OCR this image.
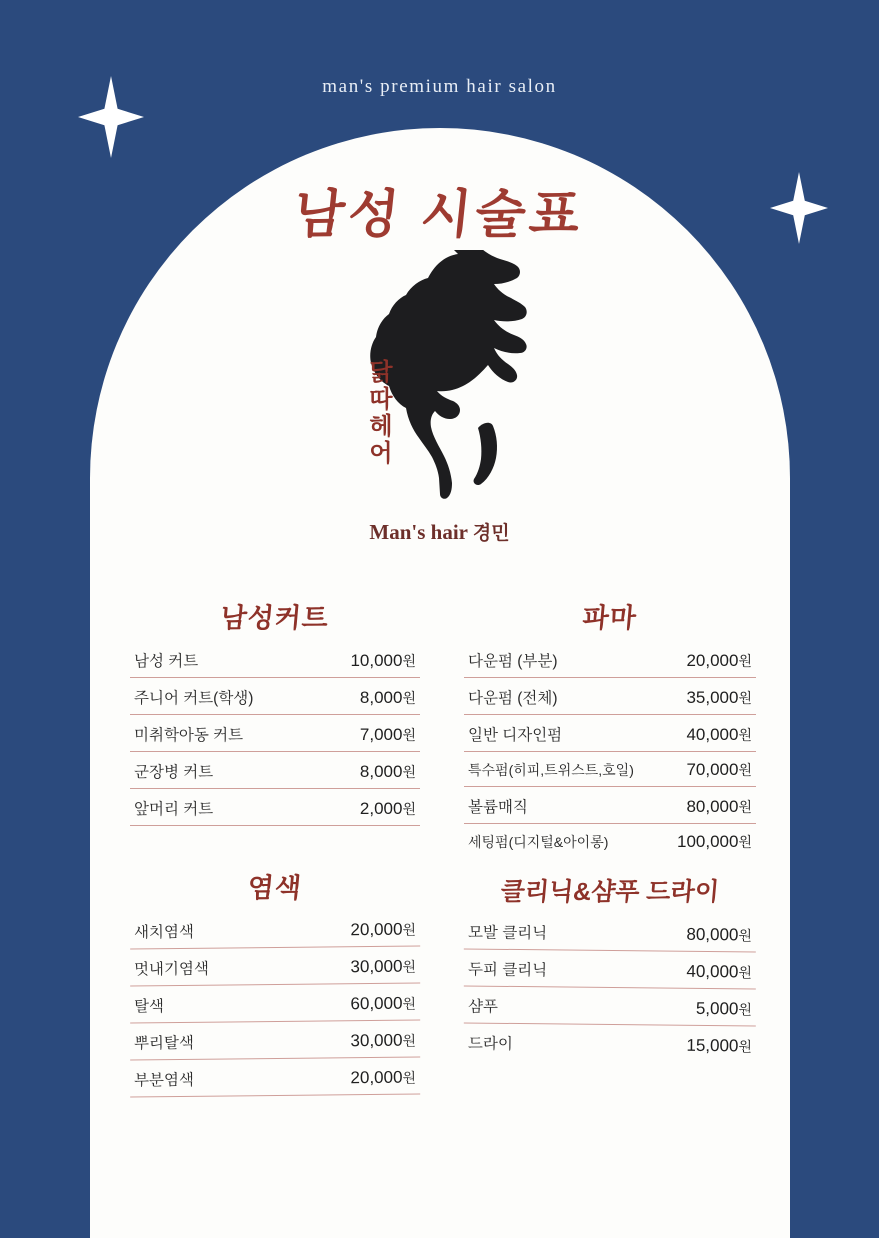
man's premium hair salon
남성 시술표
닭따헤어
Man's hair 경민
남성커트
남성 커트	10,000원
주니어 커트(학생)	8,000원
미취학아동 커트	7,000원
군장병 커트	8,000원
앞머리 커트	2,000원
염색
새치염색	20,000원
멋내기염색	30,000원
탈색	60,000원
뿌리탈색	30,000원
부분염색	20,000원
파마
다운펌 (부분)	20,000원
다운펌 (전체)	35,000원
일반 디자인펌	40,000원
특수펌(히피,트위스트,호일)	70,000원
볼륨매직	80,000원
세팅펌(디지털&아이롱)	100,000원
클리닉&샴푸 드라이
모발 클리닉	80,000원
두피 클리닉	40,000원
샴푸	5,000원
드라이	15,000원
